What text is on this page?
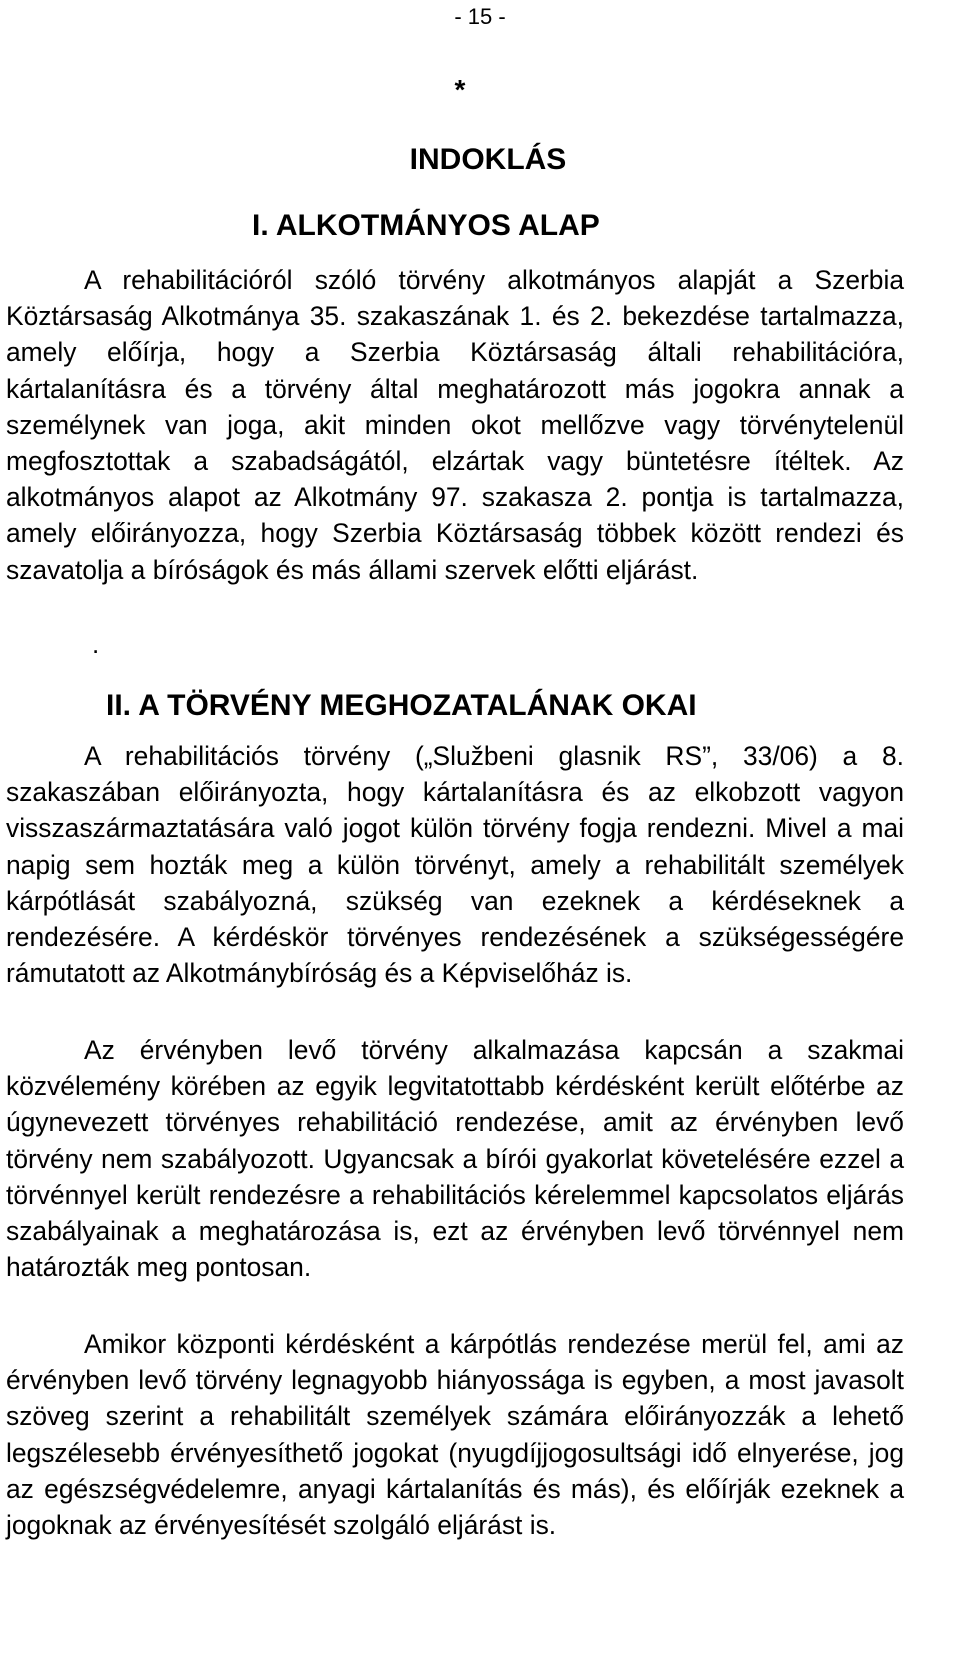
- 15 -
*
INDOKLÁS
I. ALKOTMÁNYOS ALAP

A rehabilitációról szóló törvény alkotmányos alapját a Szerbia Köztársaság Alkotmánya 35. szakaszának 1. és 2. bekezdése tartalmazza, amely előírja, hogy a Szerbia Köztársaság általi rehabilitációra, kártalanításra és a törvény által meghatározott más jogokra annak a személynek van joga, akit minden okot mellőzve vagy törvénytelenül megfosztottak a szabadságától, elzártak vagy büntetésre ítéltek. Az alkotmányos alapot az Alkotmány 97. szakasza 2. pontja is tartalmazza, amely előirányozza, hogy Szerbia Köztársaság többek között rendezi és szavatolja a bíróságok és más állami szervek előtti eljárást.

.
II. A TÖRVÉNY MEGHOZATALÁNAK OKAI

A rehabilitációs törvény („Službeni glasnik RS”, 33/06) a 8. szakaszában előirányozta, hogy kártalanításra és az elkobzott vagyon visszaszármaztatására való jogot külön törvény fogja rendezni. Mivel a mai napig sem hozták meg a külön törvényt, amely a rehabilitált személyek kárpótlását szabályozná, szükség van ezeknek a kérdéseknek a rendezésére. A kérdéskör törvényes rendezésének a szükségességére rámutatott az Alkotmánybíróság és a Képviselőház is.

Az érvényben levő törvény alkalmazása kapcsán a szakmai közvélemény körében az egyik legvitatottabb kérdésként került előtérbe az úgynevezett törvényes rehabilitáció rendezése, amit az érvényben levő törvény nem szabályozott. Ugyancsak a bírói gyakorlat követelésére ezzel a törvénnyel került rendezésre a rehabilitációs kérelemmel kapcsolatos eljárás szabályainak a meghatározása is, ezt az érvényben levő törvénnyel nem határozták meg pontosan.

Amikor központi kérdésként a kárpótlás rendezése merül fel, ami az érvényben levő törvény legnagyobb hiányossága is egyben, a most javasolt szöveg szerint a rehabilitált személyek számára előirányozzák a lehető legszélesebb érvényesíthető jogokat (nyugdíjjogosultsági idő elnyerése, jog az egészségvédelemre, anyagi kártalanítás és más), és előírják ezeknek a jogoknak az érvényesítését szolgáló eljárást is.
